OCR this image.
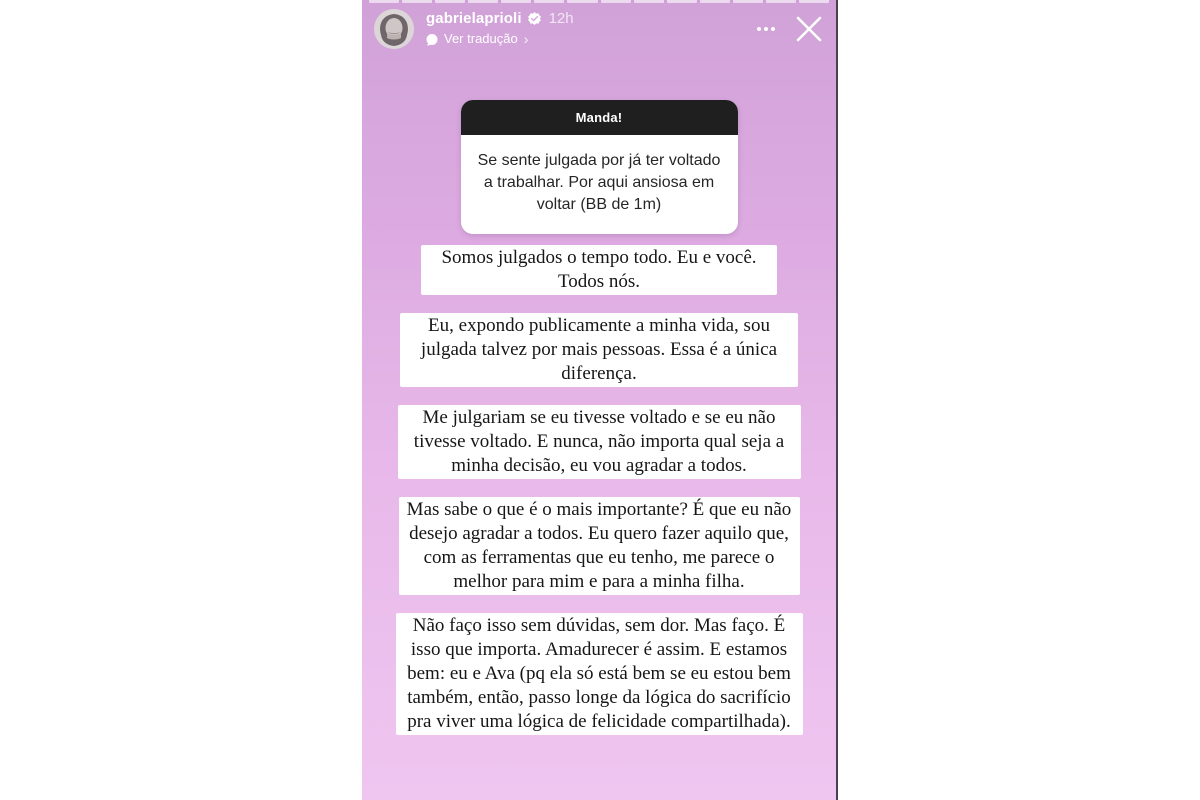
gabrielaprioli 12h
Ver tradução ›
Manda!
Se sente julgada por já ter voltado a trabalhar. Por aqui ansiosa em voltar (BB de 1m)
Somos julgados o tempo todo. Eu e você. Todos nós.
Eu, expondo publicamente a minha vida, sou julgada talvez por mais pessoas. Essa é a única diferença.
Me julgariam se eu tivesse voltado e se eu não tivesse voltado. E nunca, não importa qual seja a minha decisão, eu vou agradar a todos.
Mas sabe o que é o mais importante? É que eu não desejo agradar a todos. Eu quero fazer aquilo que, com as ferramentas que eu tenho, me parece o melhor para mim e para a minha filha.
Não faço isso sem dúvidas, sem dor. Mas faço. É isso que importa. Amadurecer é assim. E estamos bem: eu e Ava (pq ela só está bem se eu estou bem também, então, passo longe da lógica do sacrifício pra viver uma lógica de felicidade compartilhada).
